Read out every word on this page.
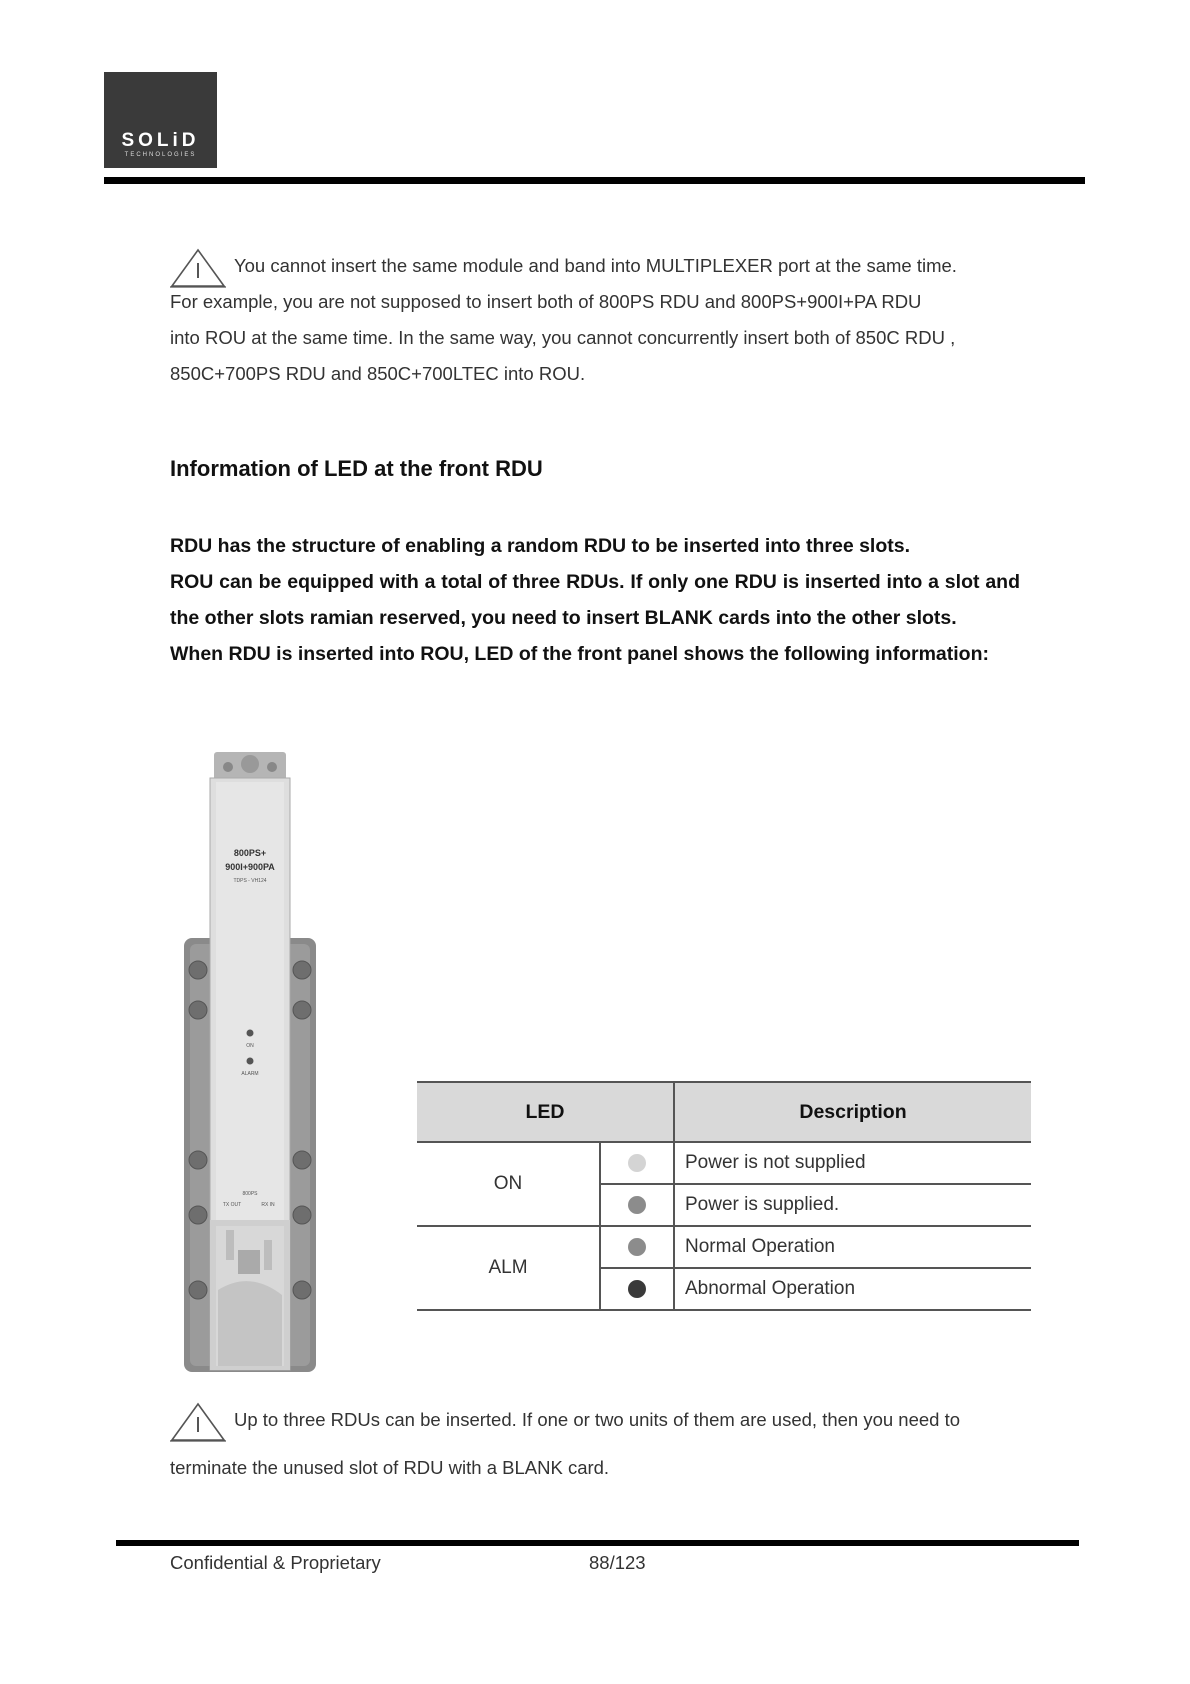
SOLiD
TECHNOLOGIES
You cannot insert the same module and band into MULTIPLEXER port at the same time.
For example, you are not supposed to insert both of 800PS RDU and 800PS+900I+PA RDU
into ROU at the same time. In the same way, you cannot concurrently insert both of 850C RDU ,
850C+700PS RDU and 850C+700LTEC into ROU.
Information of LED at the front RDU

RDU has the structure of enabling a random RDU to be inserted into three slots.

ROU can be equipped with a total of three RDUs. If only one RDU is inserted into a slot and the other slots ramian reserved, you need to insert BLANK cards into the other slots.

When RDU is inserted into ROU, LED of the front panel shows the following information:

800PS+
900I+900PA
TDPS - VH124
ON
ALARM
800PS
TX OUT	RX IN
LED		Description
ON		Power is not supplied
		Power is supplied.
ALM		Normal Operation
		Abnormal Operation
Up to three RDUs can be inserted. If one or two units of them are used, then you need to
terminate the unused slot of RDU with a BLANK card.
Confidential & Proprietary	88/123
